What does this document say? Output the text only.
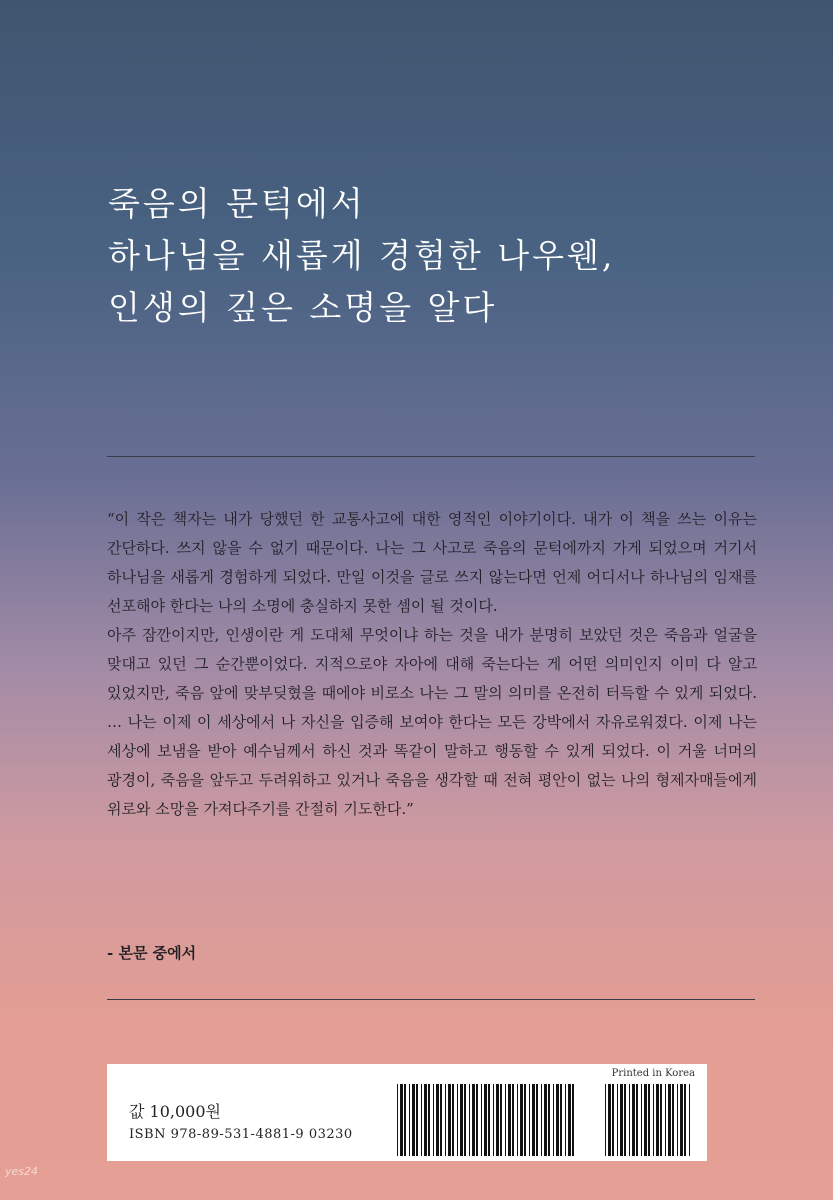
죽음의 문턱에서
하나님을 새롭게 경험한 나우웬,
인생의 깊은 소명을 알다

“이 작은 책자는 내가 당했던 한 교통사고에 대한 영적인 이야기이다. 내가 이 책을 쓰는 이유는 간단하다. 쓰지 않을 수 없기 때문이다. 나는 그 사고로 죽음의 문턱에까지 가게 되었으며 거기서 하나님을 새롭게 경험하게 되었다. 만일 이것을 글로 쓰지 않는다면 언제 어디서나 하나님의 임재를 선포해야 한다는 나의 소명에 충실하지 못한 셈이 될 것이다.

아주 잠깐이지만, 인생이란 게 도대체 무엇이냐 하는 것을 내가 분명히 보았던 것은 죽음과 얼굴을 맞대고 있던 그 순간뿐이었다. 지적으로야 자아에 대해 죽는다는 게 어떤 의미인지 이미 다 알고 있었지만, 죽음 앞에 맞부딪혔을 때에야 비로소 나는 그 말의 의미를 온전히 터득할 수 있게 되었다. … 나는 이제 이 세상에서 나 자신을 입증해 보여야 한다는 모든 강박에서 자유로워졌다. 이제 나는 세상에 보냄을 받아 예수님께서 하신 것과 똑같이 말하고 행동할 수 있게 되었다. 이 거울 너머의 광경이, 죽음을 앞두고 두려워하고 있거나 죽음을 생각할 때 전혀 평안이 없는 나의 형제자매들에게 위로와 소망을 가져다주기를 간절히 기도한다.”

- 본문 중에서
값 10,000원
ISBN 978-89-531-4881-9 03230
Printed in Korea
yes24
